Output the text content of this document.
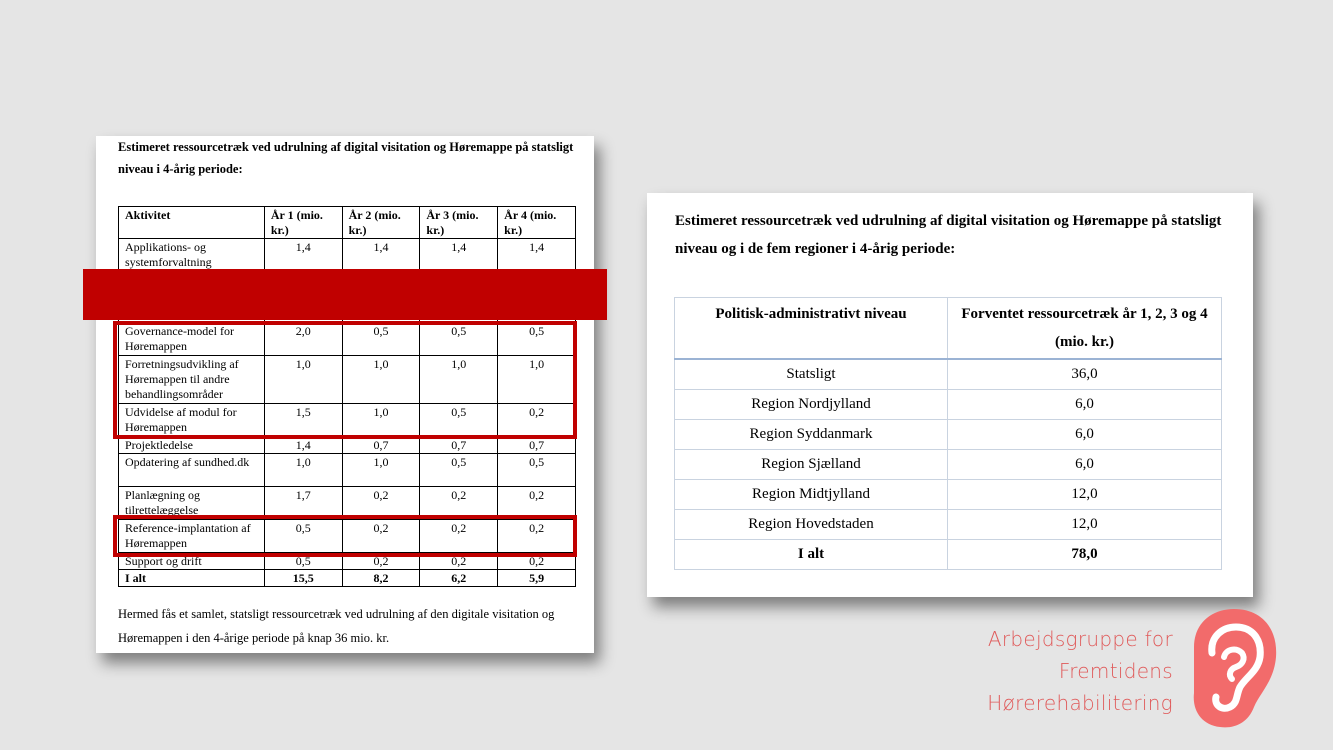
Estimeret ressourcetræk ved udrulning af digital visitation og Høremappe på statsligt niveau i 4-årig periode:
Aktivitet	År 1 (mio. kr.)	År 2 (mio. kr.)	År 3 (mio. kr.)	År 4 (mio. kr.)
Applikations- og systemforvaltning	1,4	1,4	1,4	1,4

Governance-model for Høremappen	2,0	0,5	0,5	0,5
Forretningsudvikling af Høremappen til andre behandlingsområder	1,0	1,0	1,0	1,0
Udvidelse af modul for Høremappen	1,5	1,0	0,5	0,2
Projektledelse	1,4	0,7	0,7	0,7
Opdatering af sundhed.dk	1,0	1,0	0,5	0,5
Planlægning og tilrettelæggelse	1,7	0,2	0,2	0,2
Reference-implantation af Høremappen	0,5	0,2	0,2	0,2
Support og drift	0,5	0,2	0,2	0,2
I alt	15,5	8,2	6,2	5,9
Hermed fås et samlet, statsligt ressourcetræk ved udrulning af den digitale visitation og Høremappen i den 4-årige periode på knap 36 mio. kr.
Estimeret ressourcetræk ved udrulning af digital visitation og Høremappe på statsligt niveau og i de fem regioner i 4-årig periode:
Politisk-administrativt niveau	Forventet ressourcetræk år 1, 2, 3 og 4 (mio. kr.)
Statsligt	36,0
Region Nordjylland	6,0
Region Syddanmark	6,0
Region Sjælland	6,0
Region Midtjylland	12,0
Region Hovedstaden	12,0
I alt	78,0
Arbejdsgruppe for
Fremtidens
Hørerehabilitering
